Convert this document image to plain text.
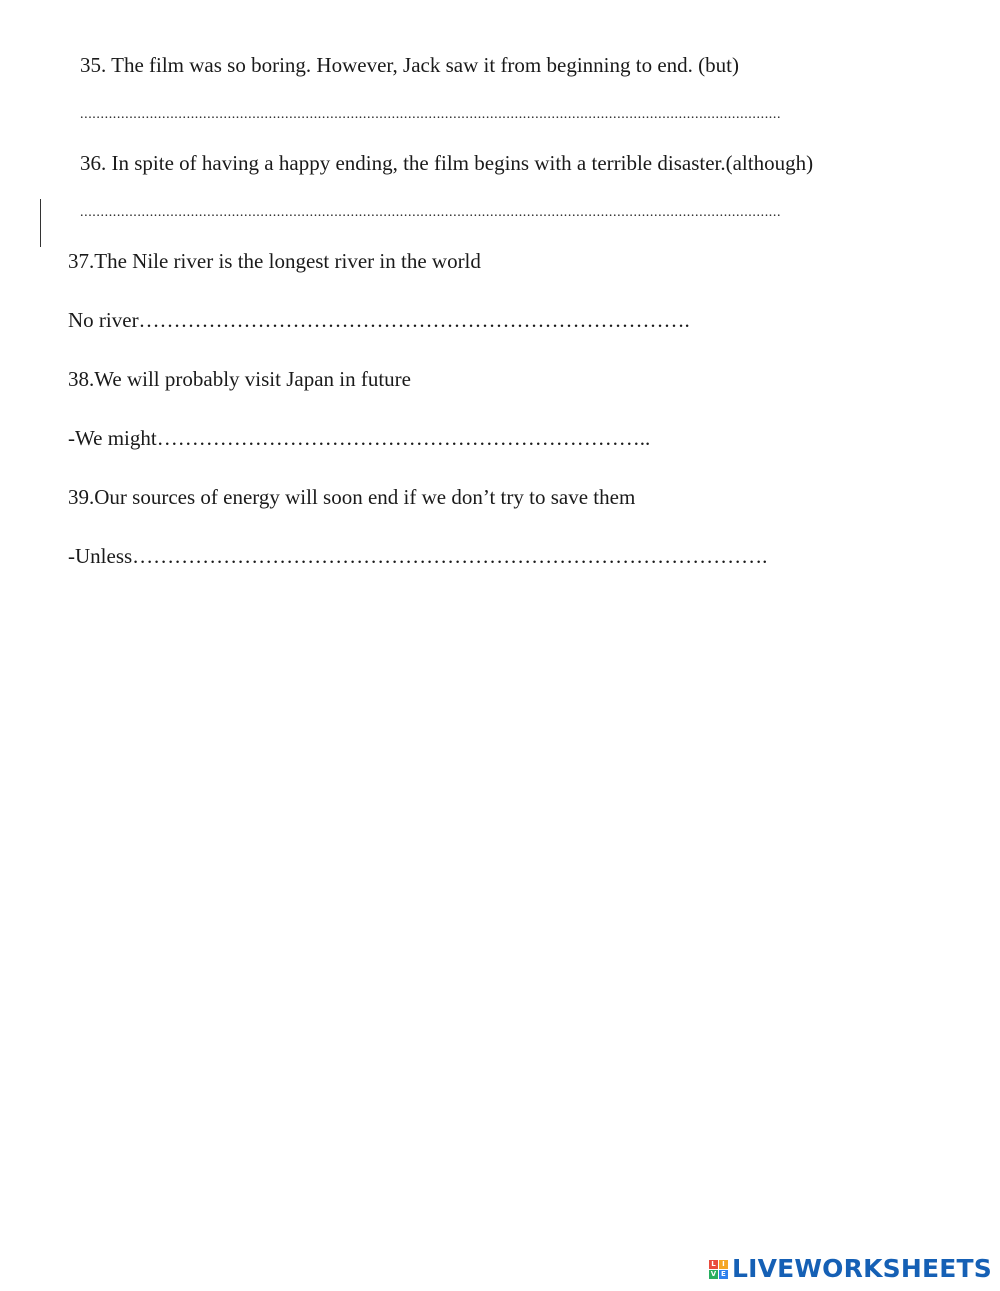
35. The film was so boring. However, Jack saw it from beginning to end. (but)
...........................................................................................................................................................................
36. In spite of having a happy ending, the film begins with a terrible disaster.(although)
...........................................................................................................................................................................
37.The Nile river is the longest river in the world
No river…………………………………………………………………….
38.We will probably visit Japan in future
-We might……………………………………………………………..
39.Our sources of energy will soon end if we don’t try to save them
-Unless……………………………………………………………………………….
L I
V E LIVEWORKSHEETS
